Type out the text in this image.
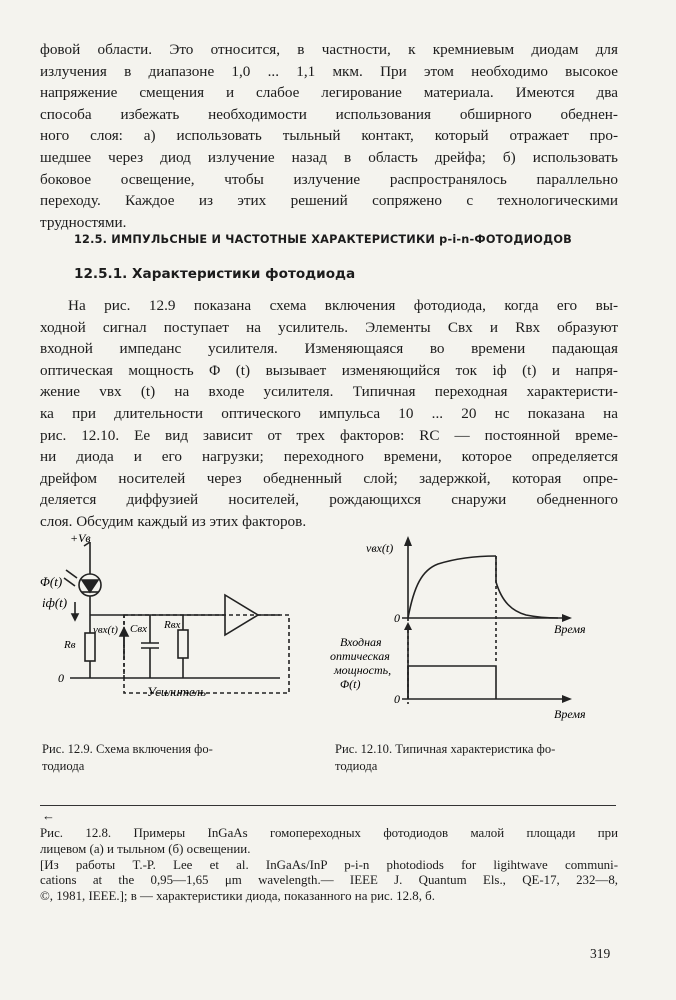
фовой области. Это относится, в частности, к кремниевым диодам для
излучения в диапазоне 1,0 ... 1,1 мкм. При этом необходимо высокое
напряжение смещения и слабое легирование материала. Имеются два
способа избежать необходимости использования обширного обеднен-
ного слоя: а) использовать тыльный контакт, который отражает про-
шедшее через диод излучение назад в область дрейфа; б) использовать
боковое освещение, чтобы излучение распространялось параллельно
переходу. Каждое из этих решений сопряжено с технологическими
трудностями.
12.5. ИМПУЛЬСНЫЕ И ЧАСТОТНЫЕ ХАРАКТЕРИСТИКИ p-i-n-ФОТОДИОДОВ
12.5.1. Характеристики фотодиода
На рис. 12.9 показана схема включения фотодиода, когда его вы-
ходной сигнал поступает на усилитель. Элементы Cвх и Rвх образуют
входной импеданс усилителя. Изменяющаяся во времени падающая
оптическая мощность Φ (t) вызывает изменяющийся ток iф (t) и напря-
жение vвх (t) на входе усилителя. Типичная переходная характеристи-
ка при длительности оптического импульса 10 ... 20 нс показана на
рис. 12.10. Ее вид зависит от трех факторов: RC — постоянной време-
ни диода и его нагрузки; переходного времени, которое определяется
дрейфом носителей через обедненный слой; задержкой, которая опре-
деляется диффузией носителей, рождающихся снаружи обедненного
слоя. Обсудим каждый из этих факторов.
+Vв
Φ(t)
iф(t)
Rв
vвх(t) Cвх Rвх
0
Усилитель
Рис. 12.9. Схема включения фо-
тодиода
vвх(t)
0
Время
Входная
оптическая
мощность,
Φ(t)
0
Время
Рис. 12.10. Типичная характеристика фо-
тодиода
←
Рис. 12.8. Примеры InGaAs гомопереходных фотодиодов малой площади при
лицевом (а) и тыльном (б) освещении.
[Из работы T.-P. Lee et al. InGaAs/InP p-i-n photodiods for ligihtwave communi-
cations at the 0,95—1,65 μm wavelength.— IEEE J. Quantum Els., QE-17, 232—8,
©, 1981, IEEE.]; в — характеристики диода, показанного на рис. 12.8, б.
319
